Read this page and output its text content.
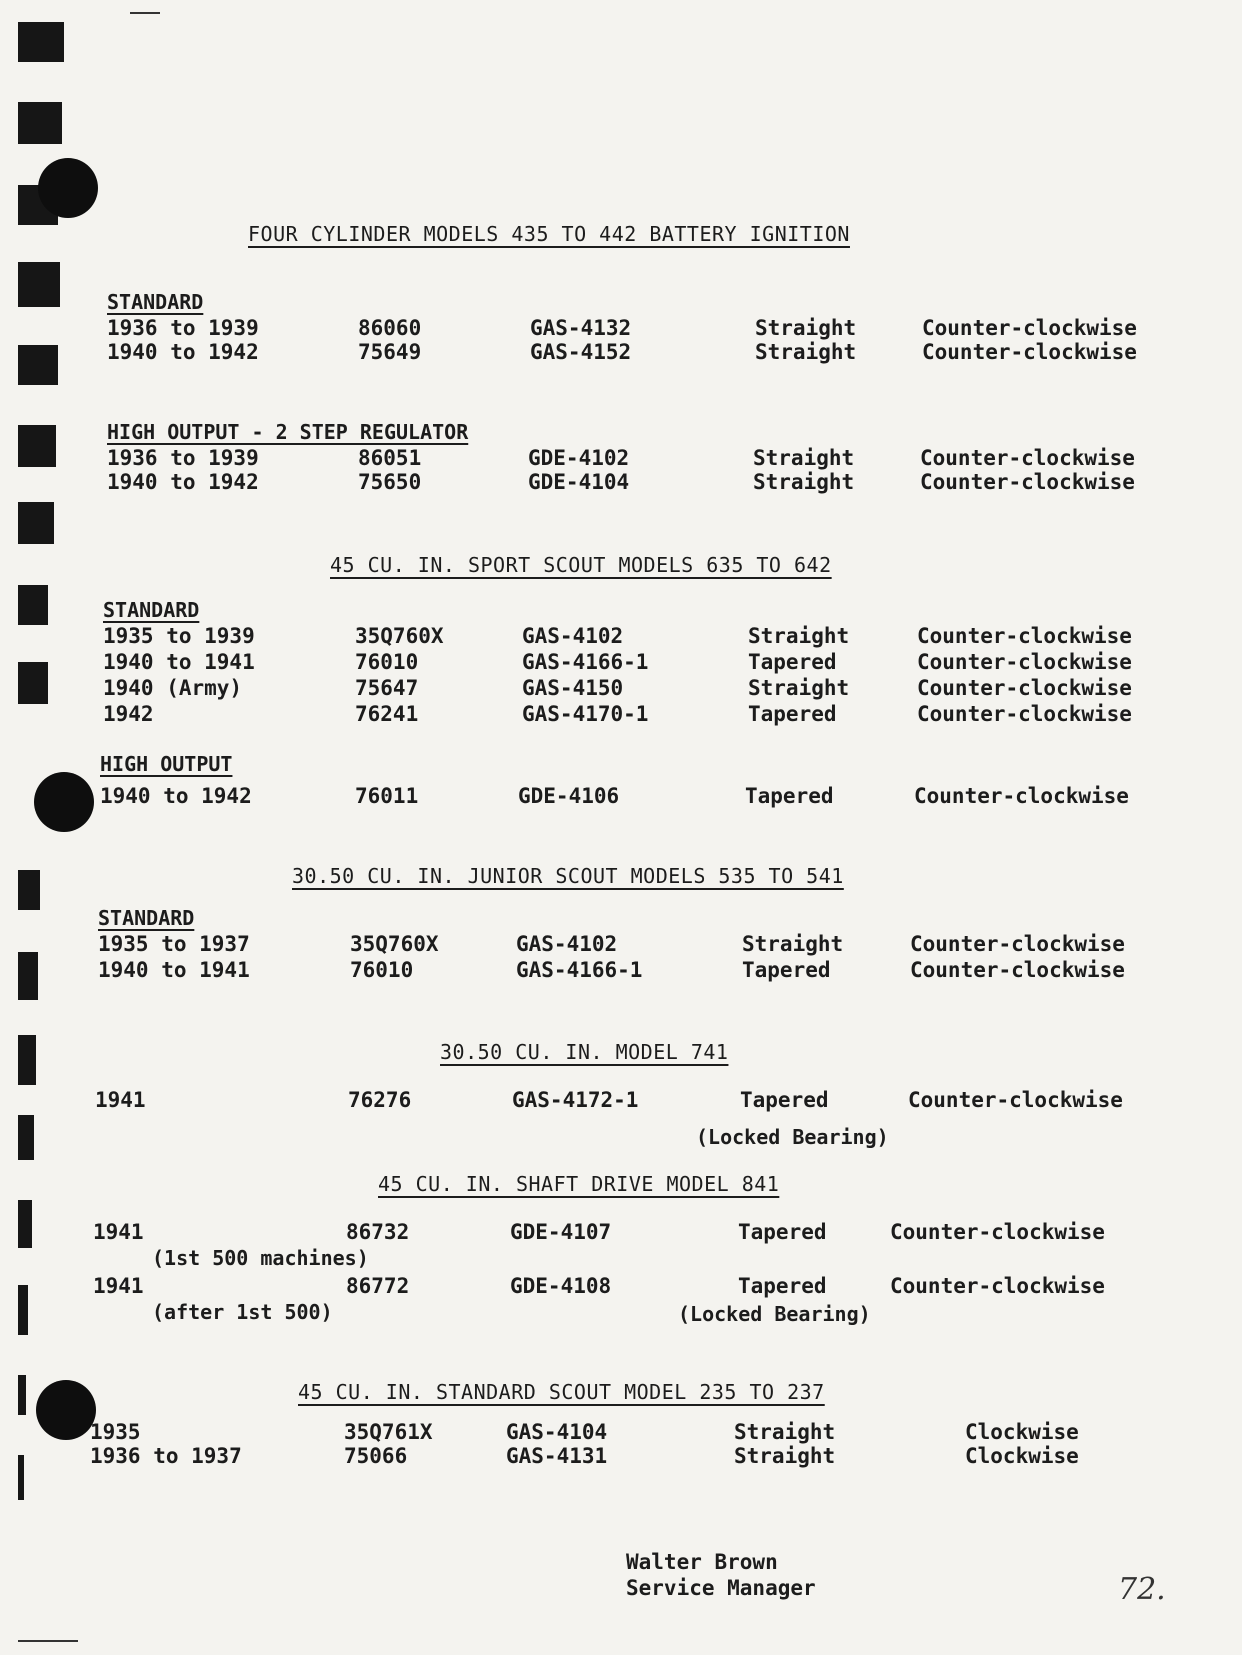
FOUR CYLINDER MODELS 435 TO 442 BATTERY IGNITION
STANDARD
1936 to 1939	86060	GAS-4132	Straight	Counter-clockwise
1940 to 1942	75649	GAS-4152	Straight	Counter-clockwise
HIGH OUTPUT - 2 STEP REGULATOR
1936 to 1939	86051	GDE-4102	Straight	Counter-clockwise
1940 to 1942	75650	GDE-4104	Straight	Counter-clockwise
45 CU. IN. SPORT SCOUT MODELS 635 TO 642
STANDARD
1935 to 1939	35Q760X	GAS-4102	Straight	Counter-clockwise
1940 to 1941	76010	GAS-4166-1	Tapered	Counter-clockwise
1940 (Army)	75647	GAS-4150	Straight	Counter-clockwise
1942	76241	GAS-4170-1	Tapered	Counter-clockwise
HIGH OUTPUT
1940 to 1942	76011	GDE-4106	Tapered	Counter-clockwise
30.50 CU. IN. JUNIOR SCOUT MODELS 535 TO 541
STANDARD
1935 to 1937	35Q760X	GAS-4102	Straight	Counter-clockwise
1940 to 1941	76010	GAS-4166-1	Tapered	Counter-clockwise
30.50 CU. IN. MODEL 741
1941	76276	GAS-4172-1	Tapered	Counter-clockwise
(Locked Bearing)
45 CU. IN. SHAFT DRIVE MODEL 841
1941	86732	GDE-4107	Tapered	Counter-clockwise
(1st 500 machines)
1941	86772	GDE-4108	Tapered	Counter-clockwise
(after 1st 500)	(Locked Bearing)
45 CU. IN. STANDARD SCOUT MODEL 235 TO 237
1935	35Q761X	GAS-4104	Straight	Clockwise
1936 to 1937	75066	GAS-4131	Straight	Clockwise
Walter Brown
Service Manager	72.
